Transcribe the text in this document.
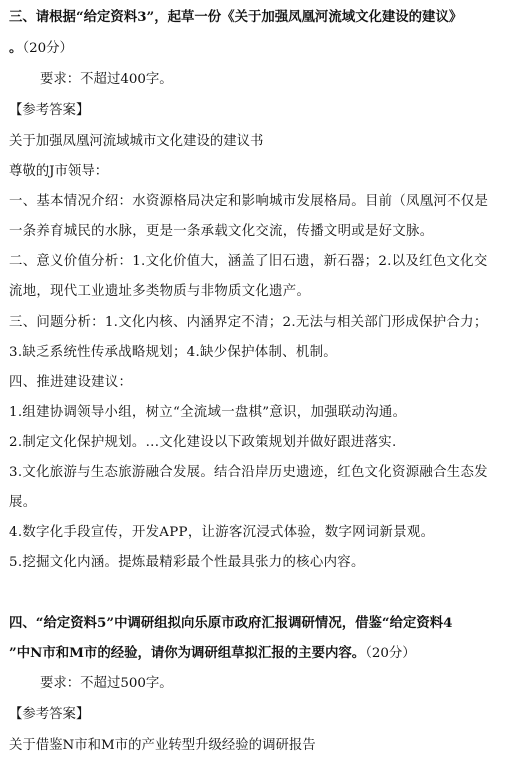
三、请根据“给定资料3”，起草一份《关于加强凤凰河流域文化建设的建议》
。（20分）
要求：不超过400字。
【参考答案】
关于加强凤凰河流域城市文化建设的建议书
尊敬的J市领导：
一、基本情况介绍：水资源格局决定和影响城市发展格局。目前（凤凰河不仅是
一条养育城民的水脉，更是一条承载文化交流，传播文明或是好文脉。
二、意义价值分析：1.文化价值大，涵盖了旧石遗，新石器；2.以及红色文化交
流地，现代工业遗址多类物质与非物质文化遗产。
三、问题分析：1.文化内核、内涵界定不清；2.无法与相关部门形成保护合力；
3.缺乏系统性传承战略规划；4.缺少保护体制、机制。
四、推进建设建议：
1.组建协调领导小组，树立“全流域一盘棋”意识，加强联动沟通。
2.制定文化保护规划。...文化建设以下政策规划并做好跟进落实.
3.文化旅游与生态旅游融合发展。结合沿岸历史遗迹，红色文化资源融合生态发
展。
4.数字化手段宣传，开发APP，让游客沉浸式体验，数字网词新景观。
5.挖掘文化内涵。提炼最精彩最个性最具张力的核心内容。
四、“给定资料5”中调研组拟向乐原市政府汇报调研情况，借鉴“给定资料4
”中N市和M市的经验，请你为调研组草拟汇报的主要内容。（20分）
要求：不超过500字。
【参考答案】
关于借鉴N市和M市的产业转型升级经验的调研报告
